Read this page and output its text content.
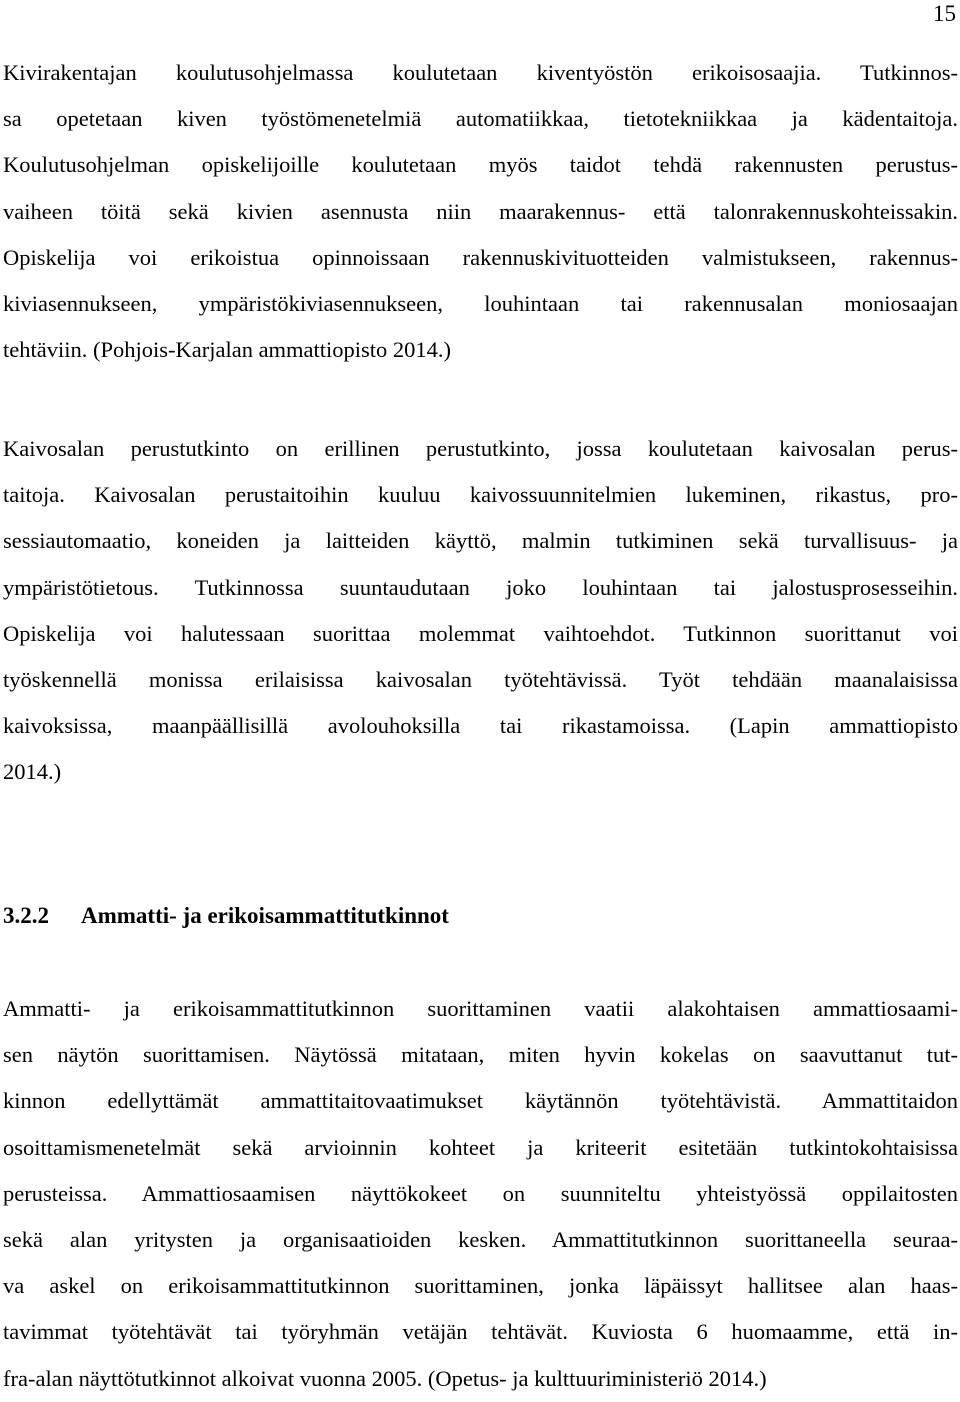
15
Kivirakentajan koulutusohjelmassa koulutetaan kiventyöstön erikoisosaajia. Tutkinnos-
sa opetetaan kiven työstömenetelmiä automatiikkaa, tietotekniikkaa ja kädentaitoja.
Koulutusohjelman opiskelijoille koulutetaan myös taidot tehdä rakennusten perustus-
vaiheen töitä sekä kivien asennusta niin maarakennus- että talonrakennuskohteissakin.
Opiskelija voi erikoistua opinnoissaan rakennuskivituotteiden valmistukseen, rakennus-
kiviasennukseen, ympäristökiviasennukseen, louhintaan tai rakennusalan moniosaajan
tehtäviin. (Pohjois-Karjalan ammattiopisto 2014.)
Kaivosalan perustutkinto on erillinen perustutkinto, jossa koulutetaan kaivosalan perus-
taitoja. Kaivosalan perustaitoihin kuuluu kaivossuunnitelmien lukeminen, rikastus, pro-
sessiautomaatio, koneiden ja laitteiden käyttö, malmin tutkiminen sekä turvallisuus- ja
ympäristötietous. Tutkinnossa suuntaudutaan joko louhintaan tai jalostusprosesseihin.
Opiskelija voi halutessaan suorittaa molemmat vaihtoehdot. Tutkinnon suorittanut voi
työskennellä monissa erilaisissa kaivosalan työtehtävissä. Työt tehdään maanalaisissa
kaivoksissa, maanpäällisillä avolouhoksilla tai rikastamoissa. (Lapin ammattiopisto
2014.)
3.2.2 Ammatti- ja erikoisammattitutkinnot
Ammatti- ja erikoisammattitutkinnon suorittaminen vaatii alakohtaisen ammattiosaami-
sen näytön suorittamisen. Näytössä mitataan, miten hyvin kokelas on saavuttanut tut-
kinnon edellyttämät ammattitaitovaatimukset käytännön työtehtävistä. Ammattitaidon
osoittamismenetelmät sekä arvioinnin kohteet ja kriteerit esitetään tutkintokohtaisissa
perusteissa. Ammattiosaamisen näyttökokeet on suunniteltu yhteistyössä oppilaitosten
sekä alan yritysten ja organisaatioiden kesken. Ammattitutkinnon suorittaneella seuraa-
va askel on erikoisammattitutkinnon suorittaminen, jonka läpäissyt hallitsee alan haas-
tavimmat työtehtävät tai työryhmän vetäjän tehtävät. Kuviosta 6 huomaamme, että in-
fra-alan näyttötutkinnot alkoivat vuonna 2005. (Opetus- ja kulttuuriministeriö 2014.)
